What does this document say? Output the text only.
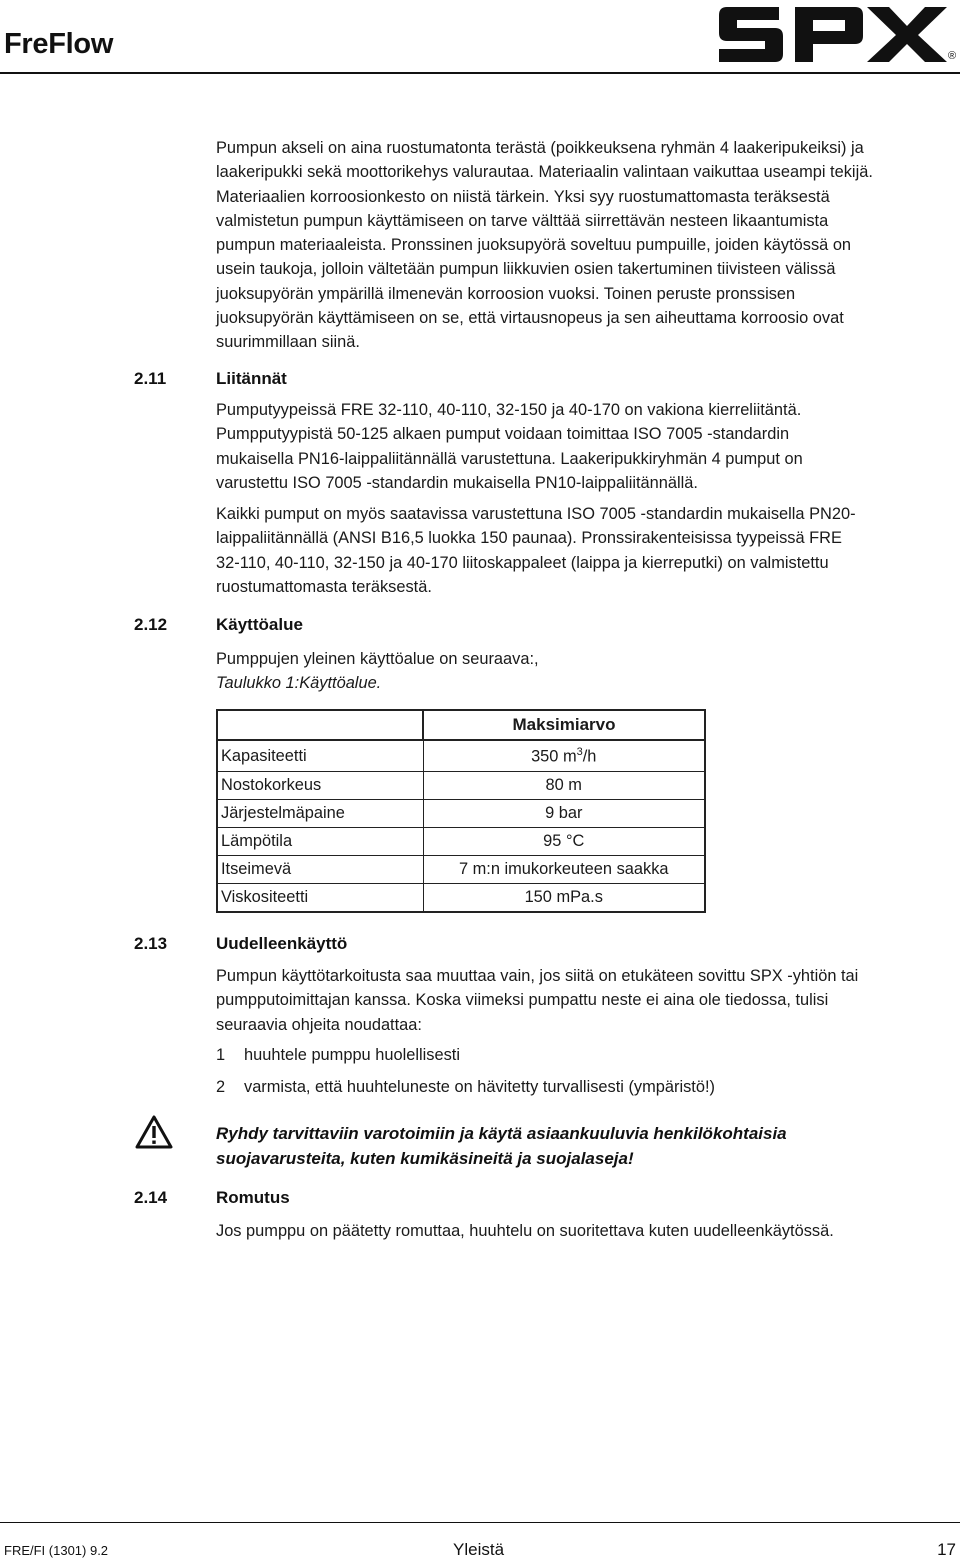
FreFlow	®
Pumpun akseli on aina ruostumatonta terästä (poikkeuksena ryhmän 4 laakeripukeiksi) ja
laakeripukki sekä moottorikehys valurautaa. Materiaalin valintaan vaikuttaa useampi tekijä.
Materiaalien korroosionkesto on niistä tärkein. Yksi syy ruostumattomasta teräksestä
valmistetun pumpun käyttämiseen on tarve välttää siirrettävän nesteen likaantumista
pumpun materiaaleista. Pronssinen juoksupyörä soveltuu pumpuille, joiden käytössä on
usein taukoja, jolloin vältetään pumpun liikkuvien osien takertuminen tiivisteen välissä
juoksupyörän ympärillä ilmenevän korroosion vuoksi. Toinen peruste pronssisen
juoksupyörän käyttämiseen on se, että virtausnopeus ja sen aiheuttama korroosio ovat
suurimmillaan siinä.
2.11	Liitännät
Pumputyypeissä FRE 32-110, 40-110, 32-150 ja 40-170 on vakiona kierreliitäntä.
Pumpputyypistä 50-125 alkaen pumput voidaan toimittaa ISO 7005 -standardin
mukaisella PN16-laippaliitännällä varustettuna. Laakeripukkiryhmän 4 pumput on
varustettu ISO 7005 -standardin mukaisella PN10-laippaliitännällä.
Kaikki pumput on myös saatavissa varustettuna ISO 7005 -standardin mukaisella PN20-
laippaliitännällä (ANSI B16,5 luokka 150 paunaa). Pronssirakenteisissa tyypeissä FRE
32-110, 40-110, 32-150 ja 40-170 liitoskappaleet (laippa ja kierreputki) on valmistettu
ruostumattomasta teräksestä.
2.12	Käyttöalue
Pumppujen yleinen käyttöalue on seuraava:,
Taulukko 1:Käyttöalue.
	Maksimiarvo
Kapasiteetti	350 $m^3/h$
Nostokorkeus	80 m
Järjestelmäpaine	9 bar
Lämpötila	95 °C
Itseimevä	7 m:n imukorkeuteen saakka
Viskositeetti	150 mPa.s
2.13	Uudelleenkäyttö
Pumpun käyttötarkoitusta saa muuttaa vain, jos siitä on etukäteen sovittu SPX -yhtiön tai
pumpputoimittajan kanssa. Koska viimeksi pumpattu neste ei aina ole tiedossa, tulisi
seuraavia ohjeita noudattaa:
1 huuhtele pumppu huolellisesti
2 varmista, että huuhteluneste on hävitetty turvallisesti (ympäristö!)
Ryhdy tarvittaviin varotoimiin ja käytä asiaankuuluvia henkilökohtaisia
suojavarusteita, kuten kumikäsineitä ja suojalaseja!
2.14	Romutus
Jos pumppu on päätetty romuttaa, huuhtelu on suoritettava kuten uudelleenkäytössä.
FRE/FI (1301) 9.2	Yleistä	17
